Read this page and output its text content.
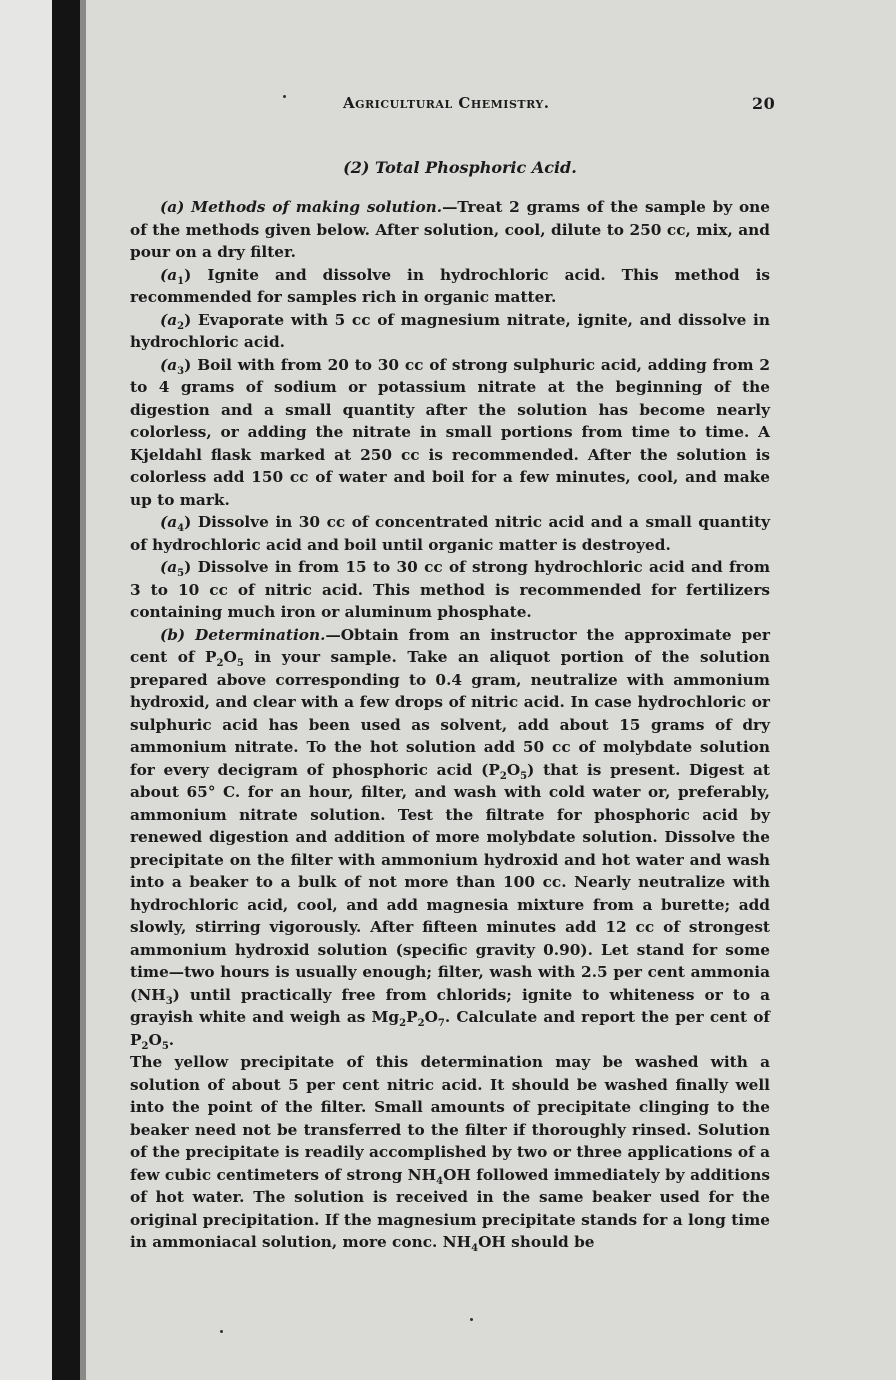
Agricultural Chemistry.	20
(2) Total Phosphoric Acid.

(a) Methods of making solution.—Treat 2 grams of the sample by one of the methods given below. After solution, cool, dilute to 250 cc, mix, and pour on a dry filter.

$(a_1)$ Ignite and dissolve in hydrochloric acid. This method is recommended for samples rich in organic matter.

$(a_2)$ Evaporate with 5 cc of magnesium nitrate, ignite, and dissolve in hydrochloric acid.

$(a_3)$ Boil with from 20 to 30 cc of strong sulphuric acid, adding from 2 to 4 grams of sodium or potassium nitrate at the beginning of the digestion and a small quantity after the solution has become nearly colorless, or adding the nitrate in small portions from time to time. A Kjeldahl flask marked at 250 cc is recommended. After the solution is colorless add 150 cc of water and boil for a few minutes, cool, and make up to mark.

$(a_4)$ Dissolve in 30 cc of concentrated nitric acid and a small quantity of hydrochloric acid and boil until organic matter is destroyed.

$(a_5)$ Dissolve in from 15 to 30 cc of strong hydrochloric acid and from 3 to 10 cc of nitric acid. This method is recommended for fertilizers containing much iron or aluminum phosphate.

(b) Determination.—Obtain from an instructor the approximate per cent of $P_2O_5$ in your sample. Take an aliquot portion of the solution prepared above corresponding to 0.4 gram, neutralize with ammonium hydroxid, and clear with a few drops of nitric acid. In case hydrochloric or sulphuric acid has been used as solvent, add about 15 grams of dry ammonium nitrate. To the hot solution add 50 cc of molybdate solution for every decigram of phosphoric acid $(P_2O_5)$ that is present. Digest at about 65° C. for an hour, filter, and wash with cold water or, preferably, ammonium nitrate solution. Test the filtrate for phosphoric acid by renewed digestion and addition of more molybdate solution. Dissolve the precipitate on the filter with ammonium hydroxid and hot water and wash into a beaker to a bulk of not more than 100 cc. Nearly neutralize with hydrochloric acid, cool, and add magnesia mixture from a burette; add slowly, stirring vigorously. After fifteen minutes add 12 cc of strongest ammonium hydroxid solution (specific gravity 0.90). Let stand for some time—two hours is usually enough; filter, wash with 2.5 per cent ammonia $(NH_3)$ until practically free from chlorids; ignite to whiteness or to a grayish white and weigh as $Mg_2P_2O_7$. Calculate and report the per cent of $P_2O_5$.

The yellow precipitate of this determination may be washed with a solution of about 5 per cent nitric acid. It should be washed finally well into the point of the filter. Small amounts of precipitate clinging to the beaker need not be transferred to the filter if thoroughly rinsed. Solution of the precipitate is readily accomplished by two or three applications of a few cubic centimeters of strong $NH_4OH$ followed immediately by additions of hot water. The solution is received in the same beaker used for the original precipitation. If the magnesium precipitate stands for a long time in ammoniacal solution, more conc. $NH_4OH$ should be
